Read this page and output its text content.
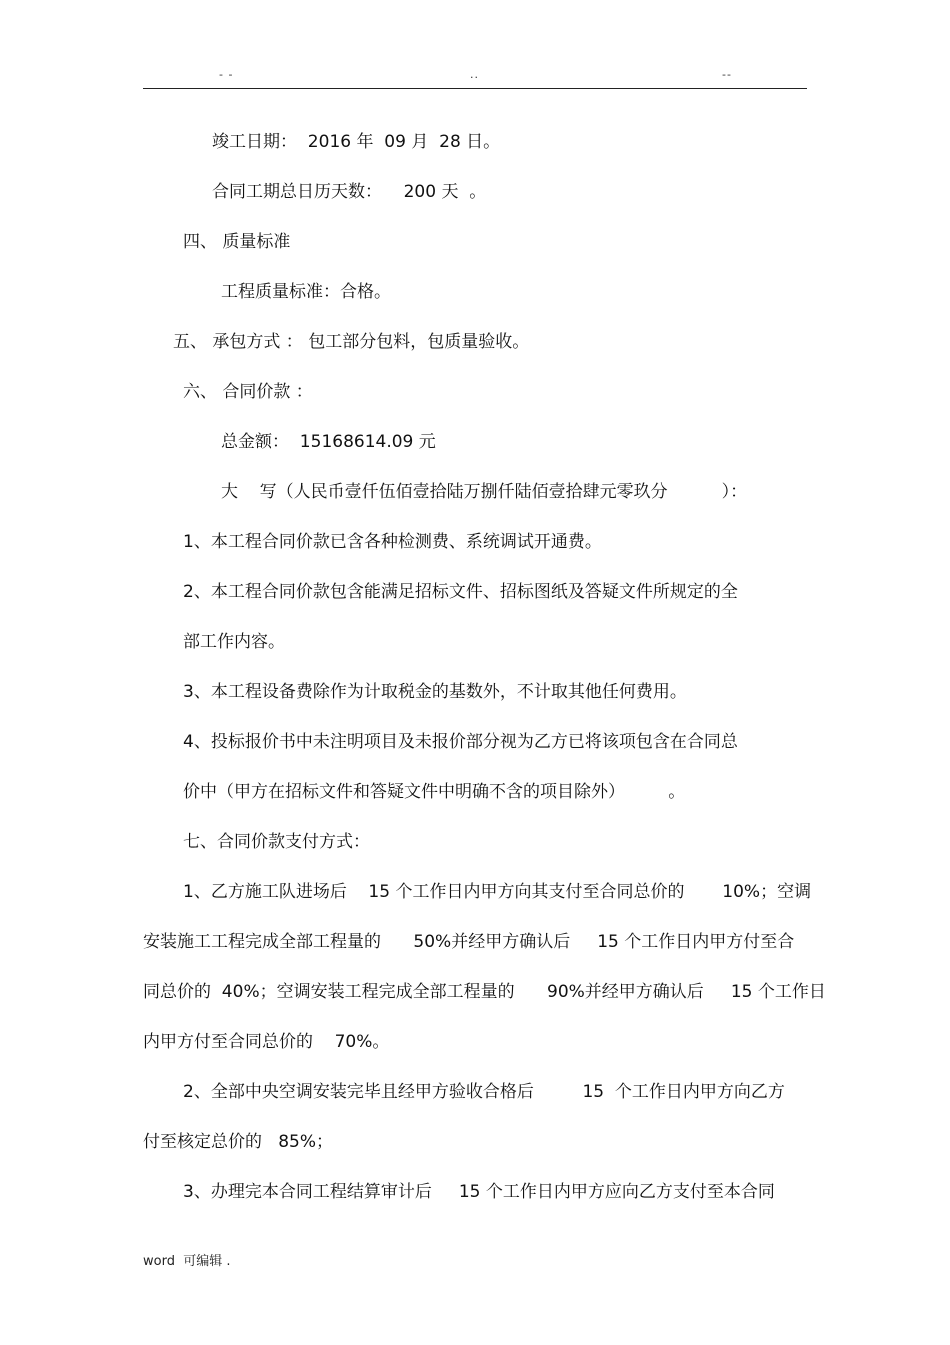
- -	..	--
竣工日期：  2016 年  09 月  28 日。
合同工期总日历天数：    200 天  。
四、 质量标准
工程质量标准：合格。
五、 承包方式 ： 包工部分包料，包质量验收。
六、 合同价款 ：
总金额：  15168614.09 元
大    写（人民币壹仟伍佰壹拾陆万捌仟陆佰壹拾肆元零玖分          ）：
1、本工程合同价款已含各种检测费、系统调试开通费。
2、本工程合同价款包含能满足招标文件、招标图纸及答疑文件所规定的全
部工作内容。
3、本工程设备费除作为计取税金的基数外，不计取其他任何费用。
4、投标报价书中未注明项目及未报价部分视为乙方已将该项包含在合同总
价中（甲方在招标文件和答疑文件中明确不含的项目除外）        。
七、合同价款支付方式：
1、乙方施工队进场后    15 个工作日内甲方向其支付至合同总价的       10%；空调
安装施工工程完成全部工程量的      50%并经甲方确认后     15 个工作日内甲方付至合
同总价的  40%；空调安装工程完成全部工程量的      90%并经甲方确认后     15 个工作日
内甲方付至合同总价的    70%。
2、全部中央空调安装完毕且经甲方验收合格后         15  个工作日内甲方向乙方
付至核定总价的   85%；
3、办理完本合同工程结算审计后     15 个工作日内甲方应向乙方支付至本合同
word  可编辑 .
